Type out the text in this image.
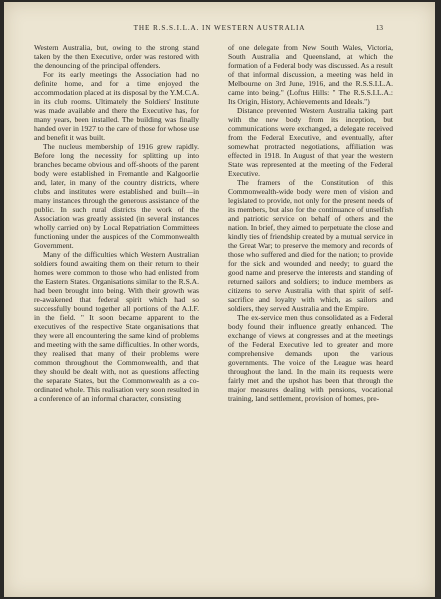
THE R.S.S.I.L.A. IN WESTERN AUSTRALIA	13

Western Australia, but, owing to the strong stand taken by the then Executive, order was restored with the denouncing of the principal offenders.

For its early meetings the Association had no definite home, and for a time enjoyed the accommodation placed at its disposal by the Y.M.C.A. in its club rooms. Ultimately the Soldiers' Institute was made available and there the Executive has, for many years, been installed. The building was finally handed over in 1927 to the care of those for whose use and benefit it was built.

The nucleus membership of 1916 grew rapidly. Before long the necessity for splitting up into branches became obvious and off-shoots of the parent body were established in Fremantle and Kalgoorlie and, later, in many of the country districts, where clubs and institutes were established and built—in many instances through the generous assistance of the public. In such rural districts the work of the Association was greatly assisted (in several instances wholly carried on) by Local Repatriation Committees functioning under the auspices of the Commonwealth Government.

Many of the difficulties which Western Australian soldiers found awaiting them on their return to their homes were common to those who had enlisted from the Eastern States. Organisations similar to the R.S.A. had been brought into being. With their growth was re-awakened that federal spirit which had so successfully bound together all portions of the A.I.F. in the field. " It soon became apparent to the executives of the respective State organisations that they were all encountering the same kind of problems and meeting with the same difficulties. In other words, they realised that many of their problems were common throughout the Commonwealth, and that they should be dealt with, not as questions affecting the separate States, but the Commonwealth as a co-ordinated whole. This realisation very soon resulted in a conference of an informal character, consisting

of one delegate from New South Wales, Victoria, South Australia and Queensland, at which the formation of a Federal body was discussed. As a result of that informal discussion, a meeting was held in Melbourne on 3rd June, 1916, and the R.S.S.I.L.A. came into being." (Loftus Hills: " The R.S.S.I.L.A.: Its Origin, History, Achievements and Ideals.")

Distance prevented Western Australia taking part with the new body from its inception, but communications were exchanged, a delegate received from the Federal Executive, and eventually, after somewhat protracted negotiations, affiliation was effected in 1918. In August of that year the western State was represented at the meeting of the Federal Executive.

The framers of the Constitution of this Commonwealth-wide body were men of vision and legislated to provide, not only for the present needs of its members, but also for the continuance of unselfish and patriotic service on behalf of others and the nation. In brief, they aimed to perpetuate the close and kindly ties of friendship created by a mutual service in the Great War; to preserve the memory and records of those who suffered and died for the nation; to provide for the sick and wounded and needy; to guard the good name and preserve the interests and standing of returned sailors and soldiers; to induce members as citizens to serve Australia with that spirit of self-sacrifice and loyalty with which, as sailors and soldiers, they served Australia and the Empire.

The ex-service men thus consolidated as a Federal body found their influence greatly enhanced. The exchange of views at congresses and at the meetings of the Federal Executive led to greater and more comprehensive demands upon the various governments. The voice of the League was heard throughout the land. In the main its requests were fairly met and the upshot has been that through the major measures dealing with pensions, vocational training, land settlement, provision of homes, pre-
